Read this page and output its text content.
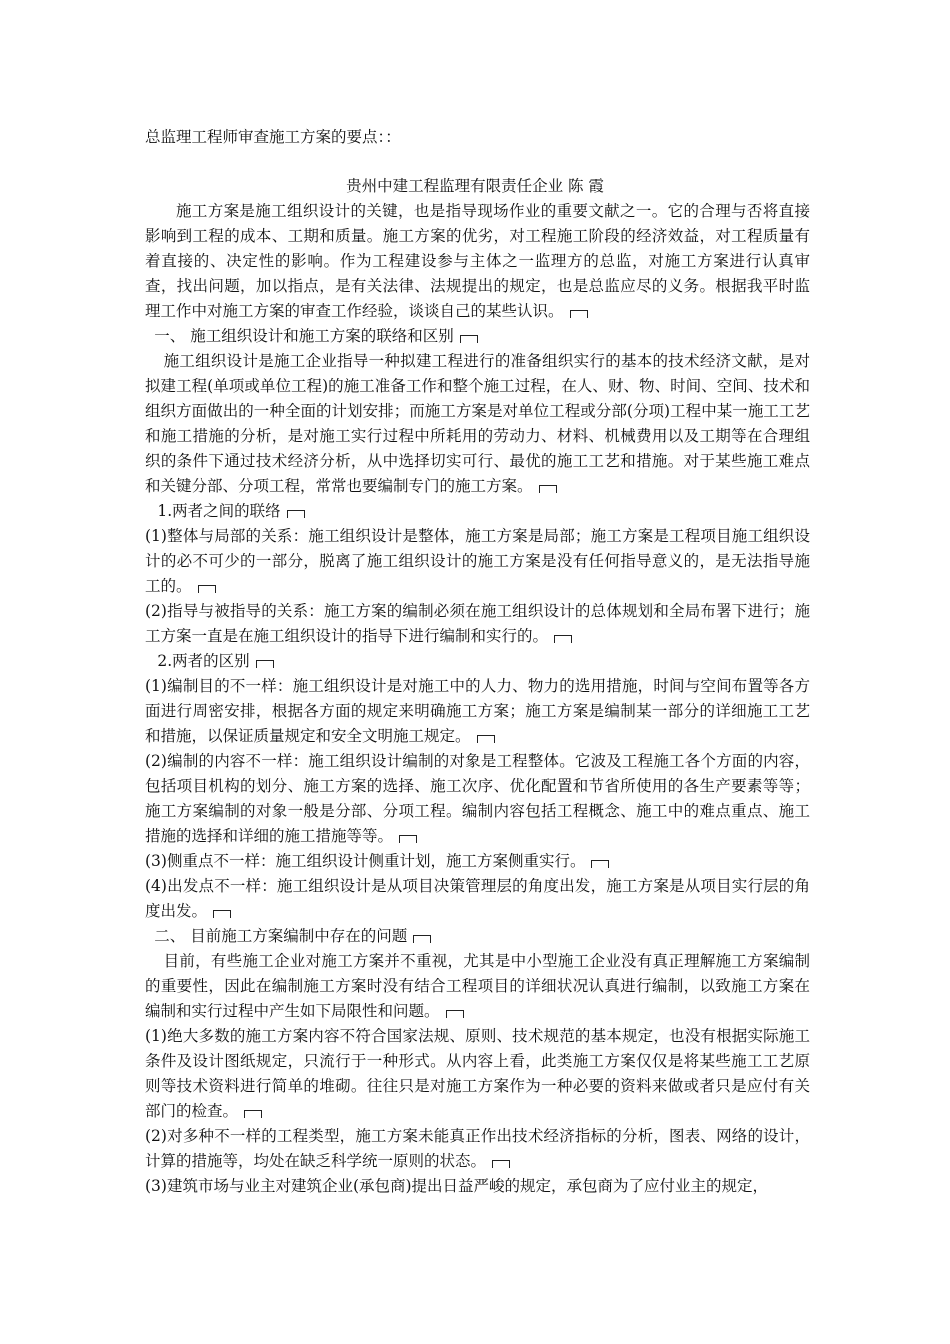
总监理工程师审查施工方案的要点：：
贵州中建工程监理有限责任企业 陈 霞

施工方案是施工组织设计的关键，也是指导现场作业的重要文献之一。它的合理与否将直接影响到工程的成本、工期和质量。施工方案的优劣，对工程施工阶段的经济效益，对工程质量有着直接的、决定性的影响。作为工程建设参与主体之一监理方的总监，对施工方案进行认真审查，找出问题，加以指点，是有关法律、法规提出的规定，也是总监应尽的义务。根据我平时监理工作中对施工方案的审查工作经验，谈谈自己的某些认识。

一、 施工组织设计和施工方案的联络和区别

施工组织设计是施工企业指导一种拟建工程进行的准备组织实行的基本的技术经济文献，是对拟建工程(单项或单位工程)的施工准备工作和整个施工过程，在人、财、物、时间、空间、技术和组织方面做出的一种全面的计划安排；而施工方案是对单位工程或分部(分项)工程中某一施工工艺和施工措施的分析，是对施工实行过程中所耗用的劳动力、材料、机械费用以及工期等在合理组织的条件下通过技术经济分析，从中选择切实可行、最优的施工工艺和措施。对于某些施工难点和关键分部、分项工程，常常也要编制专门的施工方案。

1.两者之间的联络

(1)整体与局部的关系：施工组织设计是整体，施工方案是局部；施工方案是工程项目施工组织设计的必不可少的一部分，脱离了施工组织设计的施工方案是没有任何指导意义的，是无法指导施工的。

(2)指导与被指导的关系：施工方案的编制必须在施工组织设计的总体规划和全局布署下进行；施工方案一直是在施工组织设计的指导下进行编制和实行的。

2.两者的区别

(1)编制目的不一样：施工组织设计是对施工中的人力、物力的选用措施，时间与空间布置等各方面进行周密安排，根据各方面的规定来明确施工方案；施工方案是编制某一部分的详细施工工艺和措施，以保证质量规定和安全文明施工规定。

(2)编制的内容不一样：施工组织设计编制的对象是工程整体。它波及工程施工各个方面的内容，包括项目机构的划分、施工方案的选择、施工次序、优化配置和节省所使用的各生产要素等等；施工方案编制的对象一般是分部、分项工程。编制内容包括工程概念、施工中的难点重点、施工措施的选择和详细的施工措施等等。

(3)侧重点不一样：施工组织设计侧重计划，施工方案侧重实行。

(4)出发点不一样：施工组织设计是从项目决策管理层的角度出发，施工方案是从项目实行层的角度出发。

二、 目前施工方案编制中存在的问题

目前，有些施工企业对施工方案并不重视，尤其是中小型施工企业没有真正理解施工方案编制的重要性，因此在编制施工方案时没有结合工程项目的详细状况认真进行编制，以致施工方案在编制和实行过程中产生如下局限性和问题。

(1)绝大多数的施工方案内容不符合国家法规、原则、技术规范的基本规定，也没有根据实际施工条件及设计图纸规定，只流行于一种形式。从内容上看，此类施工方案仅仅是将某些施工工艺原则等技术资料进行简单的堆砌。往往只是对施工方案作为一种必要的资料来做或者只是应付有关部门的检查。

(2)对多种不一样的工程类型，施工方案未能真正作出技术经济指标的分析，图表、网络的设计，计算的措施等，均处在缺乏科学统一原则的状态。

(3)建筑市场与业主对建筑企业(承包商)提出日益严峻的规定，承包商为了应付业主的规定，
